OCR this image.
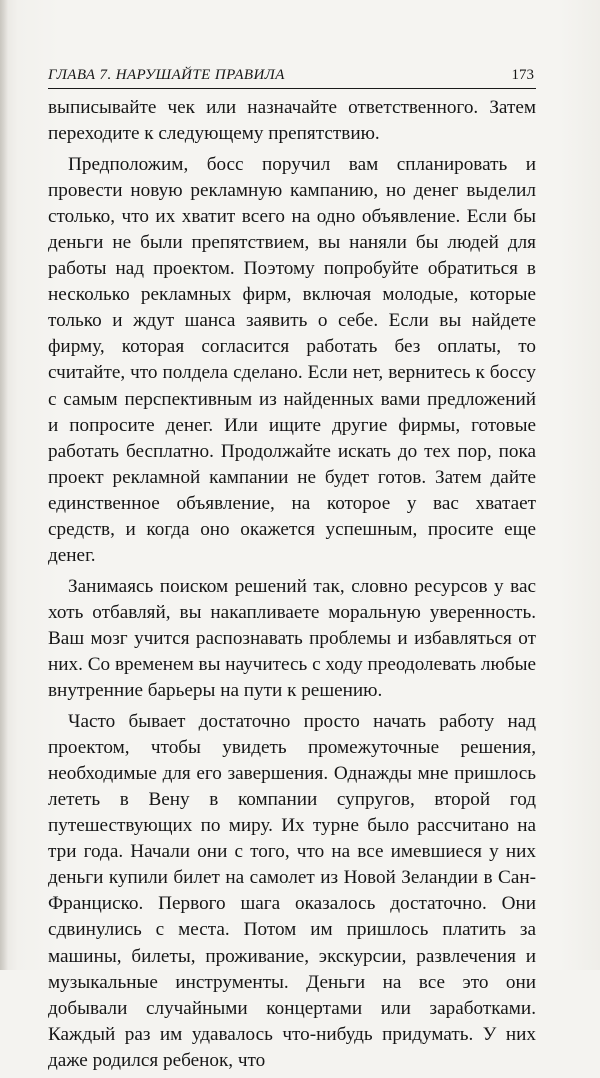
ГЛАВА 7. НАРУШАЙТЕ ПРАВИЛА	173

выписывайте чек или назначайте ответственного. Затем переходите к следующему препятствию.

Предположим, босс поручил вам спланировать и провести новую рекламную кампанию, но денег выделил столько, что их хватит всего на одно объявление. Если бы деньги не были препятствием, вы наняли бы людей для работы над проектом. Поэтому попробуйте обратиться в несколько рекламных фирм, включая молодые, которые только и ждут шанса заявить о себе. Если вы найдете фирму, которая согласится работать без оплаты, то считайте, что полдела сделано. Если нет, вернитесь к боссу с самым перспективным из найденных вами предложений и попросите денег. Или ищите другие фирмы, готовые работать бесплатно. Продолжайте искать до тех пор, пока проект рекламной кампании не будет готов. Затем дайте единственное объявление, на которое у вас хватает средств, и когда оно окажется успешным, просите еще денег.

Занимаясь поиском решений так, словно ресурсов у вас хоть отбавляй, вы накапливаете моральную уверенность. Ваш мозг учится распознавать проблемы и избавляться от них. Со временем вы научитесь с ходу преодолевать любые внутренние барьеры на пути к решению.

Часто бывает достаточно просто начать работу над проектом, чтобы увидеть промежуточные решения, необходимые для его завершения. Однажды мне пришлось лететь в Вену в компании супругов, второй год путешествующих по миру. Их турне было рассчитано на три года. Начали они с того, что на все имевшиеся у них деньги купили билет на самолет из Новой Зеландии в Сан-Франциско. Первого шага оказалось достаточно. Они сдвинулись с места. Потом им пришлось платить за машины, билеты, проживание, экскурсии, развлечения и музыкальные инструменты. Деньги на все это они добывали случайными концертами или заработками. Каждый раз им удавалось что-нибудь придумать. У них даже родился ребенок, что
